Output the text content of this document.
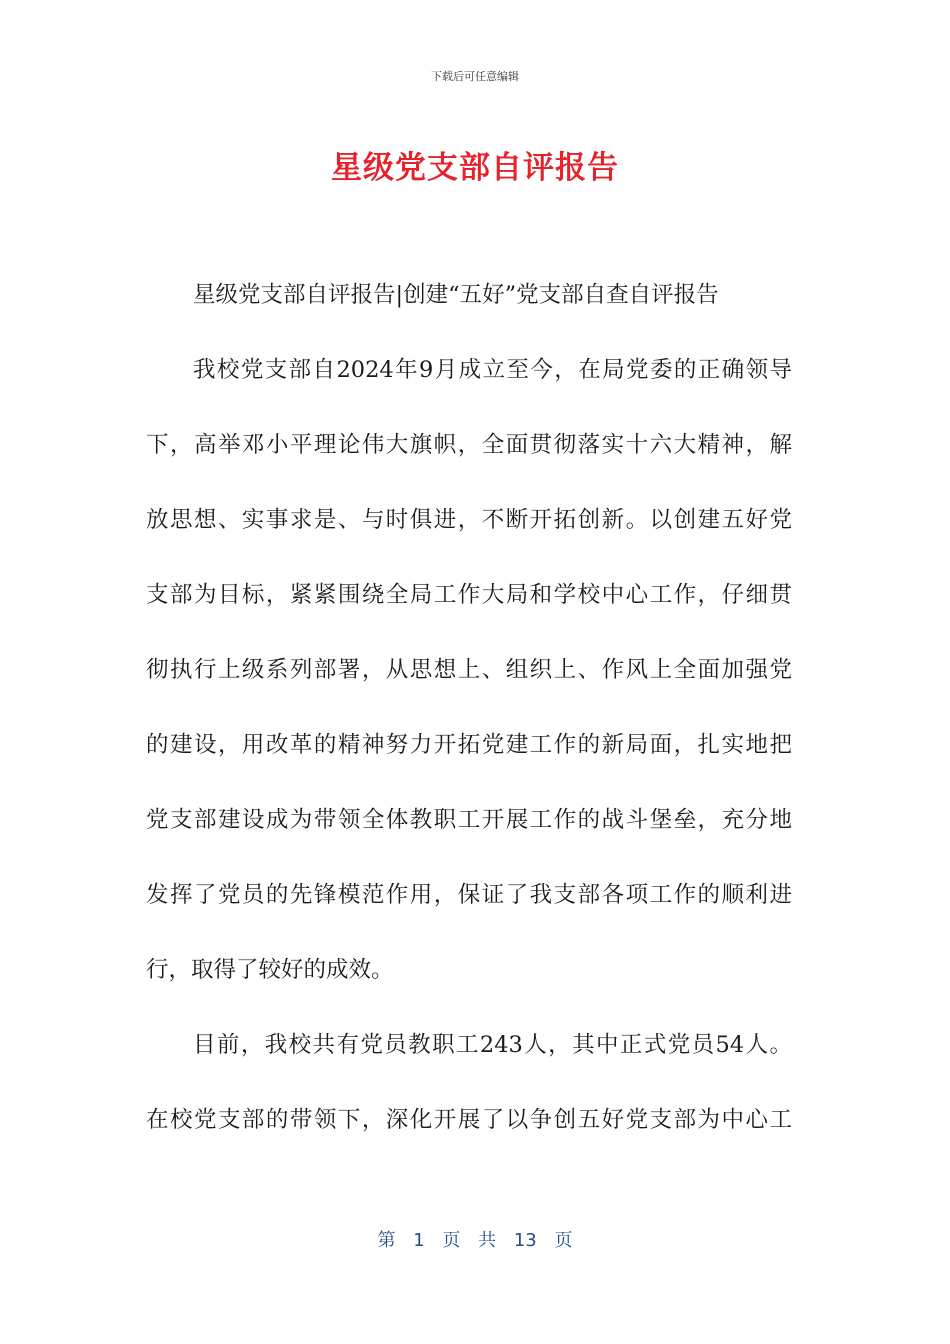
下载后可任意编辑
星级党支部自评报告
星级党支部自评报告|创建“五好”党支部自查自评报告
我校党支部自2024年9月成立至今，在局党委的正确领导
下，高举邓小平理论伟大旗帜，全面贯彻落实十六大精神，解
放思想、实事求是、与时俱进，不断开拓创新。以创建五好党
支部为目标，紧紧围绕全局工作大局和学校中心工作，仔细贯
彻执行上级系列部署，从思想上、组织上、作风上全面加强党
的建设，用改革的精神努力开拓党建工作的新局面，扎实地把
党支部建设成为带领全体教职工开展工作的战斗堡垒，充分地
发挥了党员的先锋模范作用，保证了我支部各项工作的顺利进
行，取得了较好的成效。
目前，我校共有党员教职工243人，其中正式党员54人。
在校党支部的带领下，深化开展了以争创五好党支部为中心工
第 1 页 共 13 页
